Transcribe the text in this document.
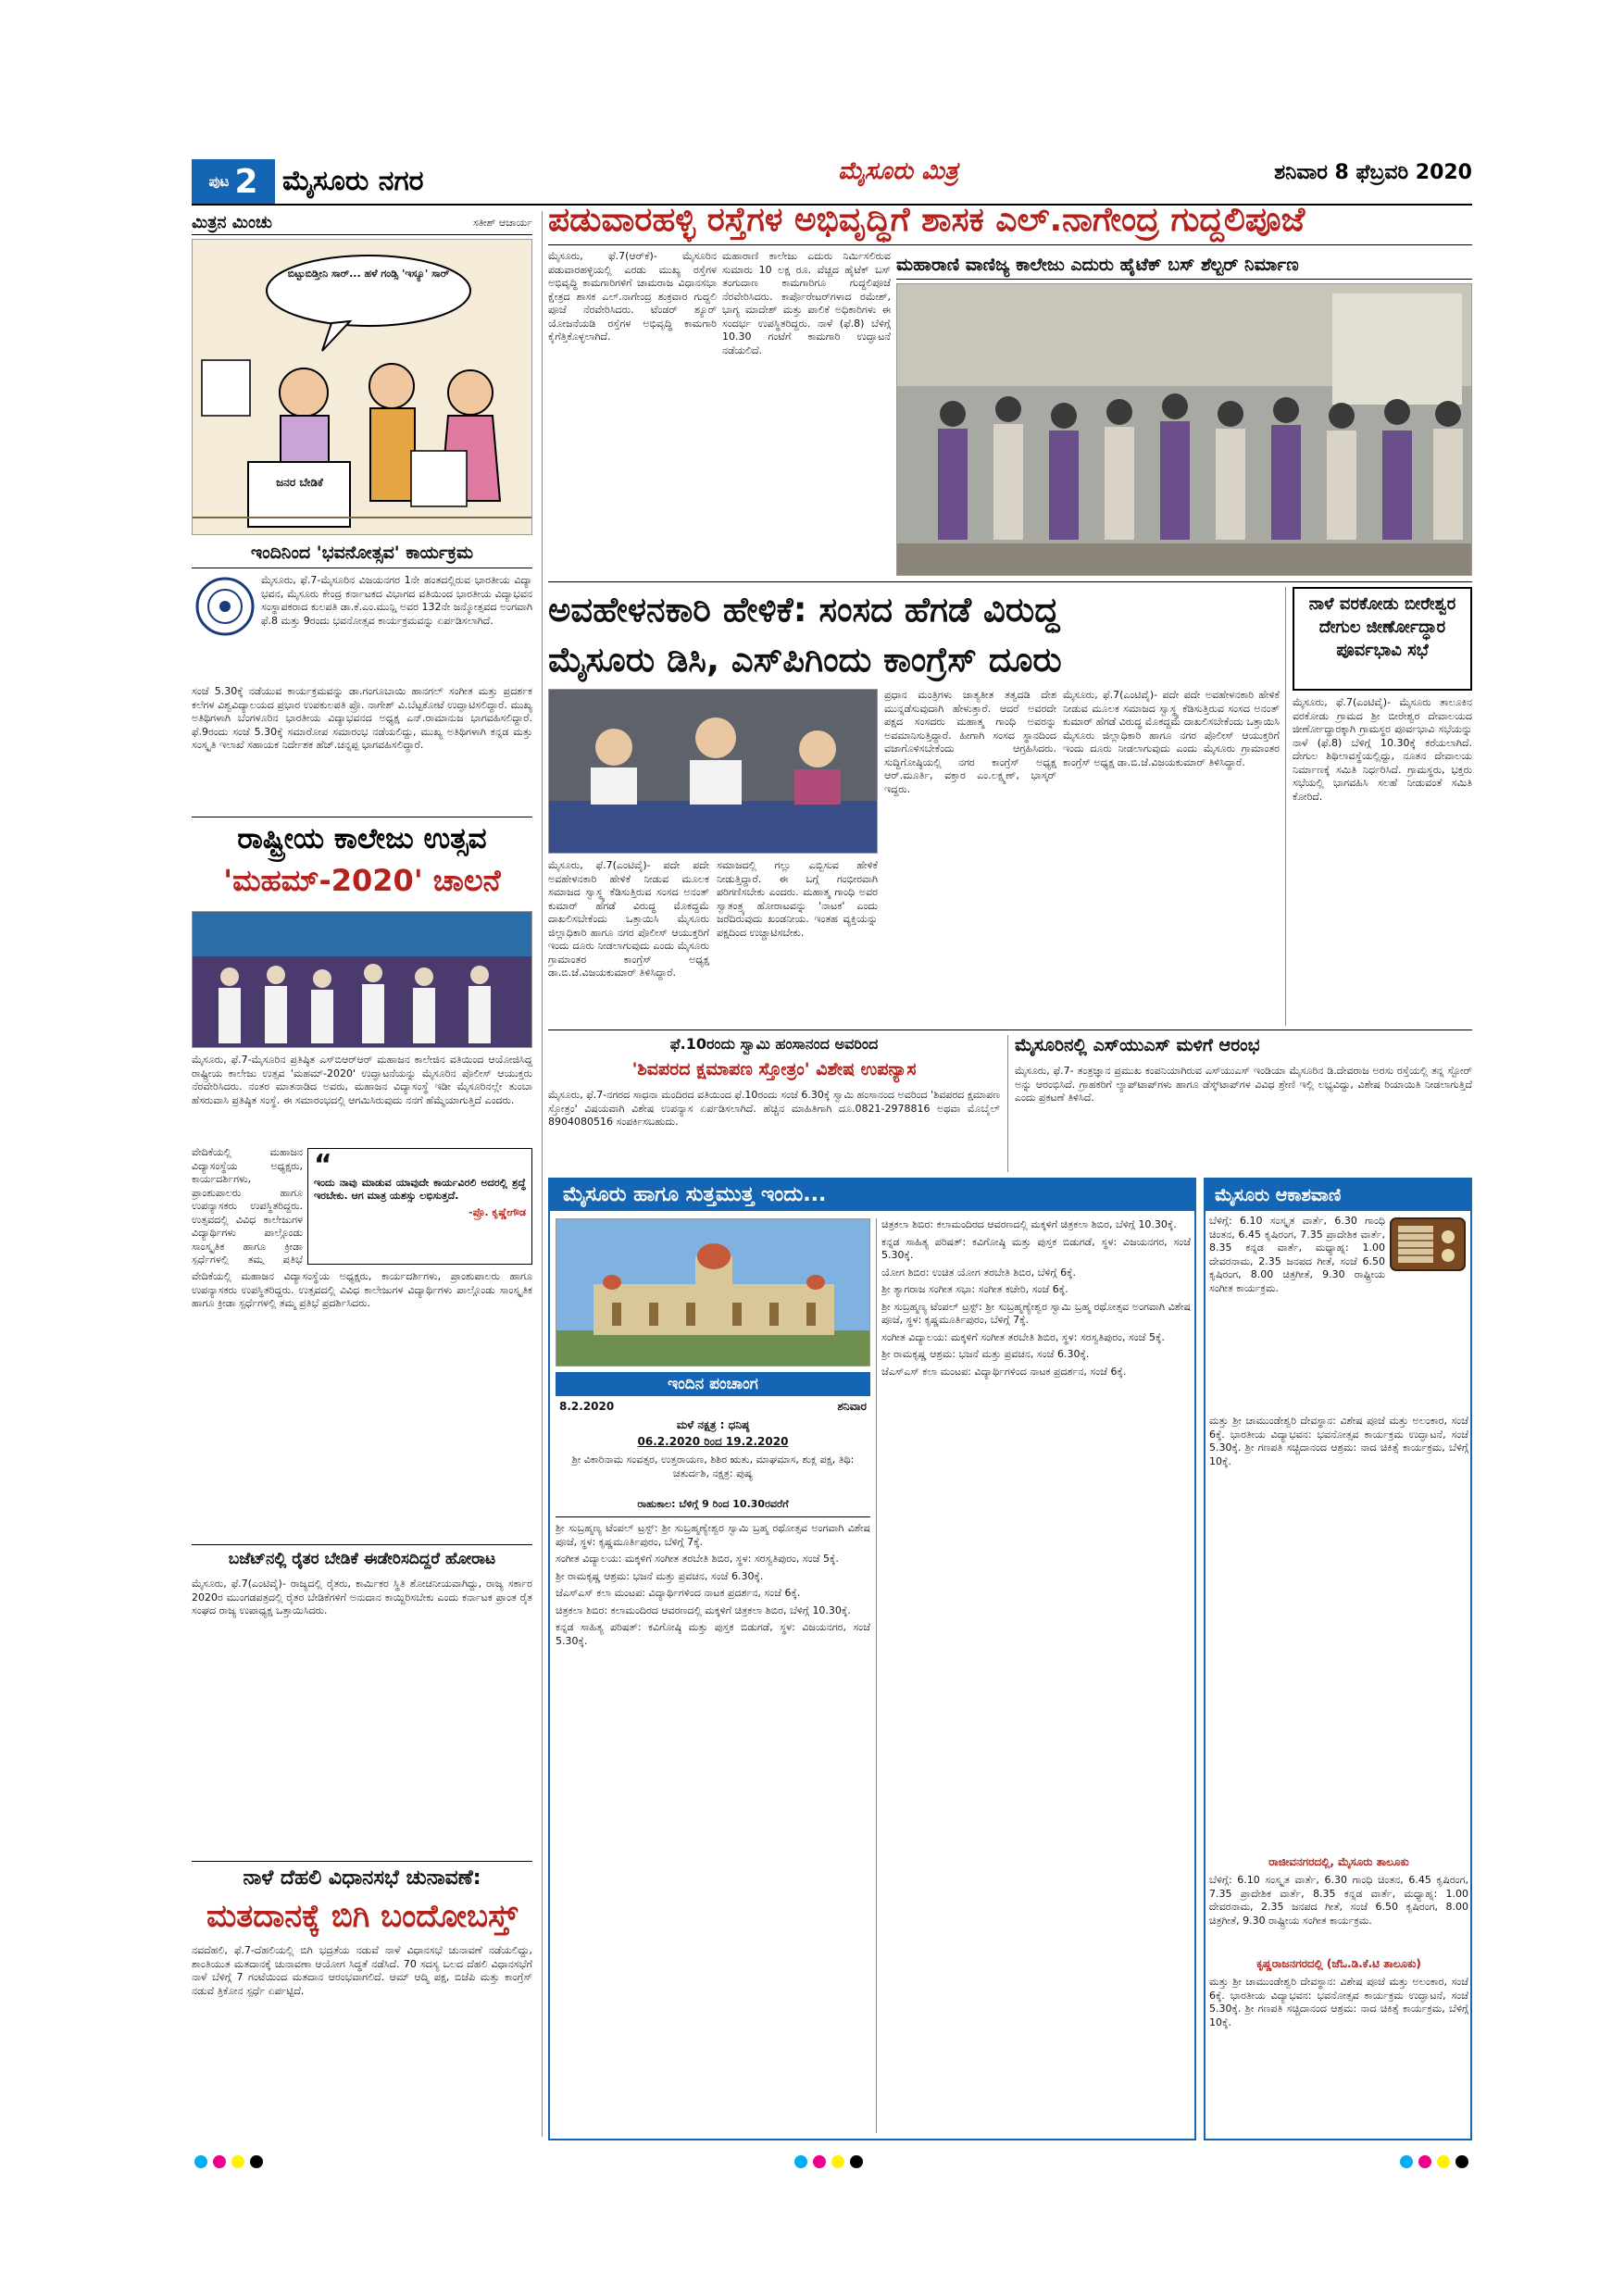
ಪುಟ 2 ಮೈಸೂರು ನಗರ	ಮೈಸೂರು ಮಿತ್ರ	ಶನಿವಾರ 8 ಫೆಬ್ರವರಿ 2020
ಮಿತ್ರನ ಮಿಂಚು	ಸತೀಶ್ ಆಚಾರ್ಯ
ಬಿಟ್ಟುಬಿಡ್ತೀನಿ ಸಾರ್... ಹಳೆ ಗಂಡ್ಸಿ 'ಇಸ್ಯೂ' ಸಾರ್
ಜನರ ಬೇಡಿಕೆ
ಇಂದಿನಿಂದ 'ಭವನೋತ್ಸವ' ಕಾರ್ಯಕ್ರಮ
ಮೈಸೂರು, ಫೆ.7-ಮೈಸೂರಿನ ವಿಜಯನಗರ 1ನೇ ಹಂತದಲ್ಲಿರುವ ಭಾರತೀಯ ವಿದ್ಯಾ ಭವನ, ಮೈಸೂರು ಕೇಂದ್ರ ಕರ್ನಾಟಕದ ವಿಭಾಗದ ವತಿಯಿಂದ ಭಾರತೀಯ ವಿದ್ಯಾಭವನ ಸಂಸ್ಥಾಪಕರಾದ ಕುಲಪತಿ ಡಾ.ಕೆ.ಎಂ.ಮುನ್ಷಿ ಅವರ 132ನೇ ಜನ್ಮೋತ್ಸವದ ಅಂಗವಾಗಿ ಫೆ.8 ಮತ್ತು 9ರಂದು ಭವನೋತ್ಸವ ಕಾರ್ಯಕ್ರಮವನ್ನು ಏರ್ಪಡಿಸಲಾಗಿದೆ.
ಸಂಜೆ 5.30ಕ್ಕೆ ನಡೆಯುವ ಕಾರ್ಯಕ್ರಮವನ್ನು ಡಾ.ಗಂಗೂಬಾಯಿ ಹಾನಗಲ್ ಸಂಗೀತ ಮತ್ತು ಪ್ರದರ್ಶಕ ಕಲೆಗಳ ವಿಶ್ವವಿದ್ಯಾಲಯದ ಪ್ರಭಾರ ಉಪಕುಲಪತಿ ಪ್ರೊ. ನಾಗೇಶ್ ವಿ.ಬೆಟ್ಟಕೋಟೆ ಉದ್ಘಾಟಿಸಲಿದ್ದಾರೆ. ಮುಖ್ಯ ಅತಿಥಿಗಳಾಗಿ ಬೆಂಗಳೂರಿನ ಭಾರತೀಯ ವಿದ್ಯಾಭವನದ ಅಧ್ಯಕ್ಷ ಎನ್.ರಾಮಾನುಜ ಭಾಗವಹಿಸಲಿದ್ದಾರೆ. ಫೆ.9ರಂದು ಸಂಜೆ 5.30ಕ್ಕೆ ಸಮಾರೋಪ ಸಮಾರಂಭ ನಡೆಯಲಿದ್ದು, ಮುಖ್ಯ ಅತಿಥಿಗಳಾಗಿ ಕನ್ನಡ ಮತ್ತು ಸಂಸ್ಕೃತಿ ಇಲಾಖೆ ಸಹಾಯಕ ನಿರ್ದೇಶಕ ಹೆಚ್.ಚನ್ನಪ್ಪ ಭಾಗವಹಿಸಲಿದ್ದಾರೆ.
ರಾಷ್ಟ್ರೀಯ ಕಾಲೇಜು ಉತ್ಸವ
'ಮಹಮ್-2020' ಚಾಲನೆ
ಮೈಸೂರು, ಫೆ.7-ಮೈಸೂರಿನ ಪ್ರತಿಷ್ಠಿತ ಎಸ್‌ಬಿಆರ್‌ಆರ್ ಮಹಾಜನ ಕಾಲೇಜಿನ ವತಿಯಿಂದ ಆಯೋಜಿಸಿದ್ದ ರಾಷ್ಟ್ರೀಯ ಕಾಲೇಜು ಉತ್ಸವ 'ಮಹಮ್-2020' ಉದ್ಘಾಟನೆಯನ್ನು ಮೈಸೂರಿನ ಪೊಲೀಸ್ ಆಯುಕ್ತರು ನೆರವೇರಿಸಿದರು. ನಂತರ ಮಾತನಾಡಿದ ಅವರು, ಮಹಾಜನ ವಿದ್ಯಾಸಂಸ್ಥೆ ಇಡೀ ಮೈಸೂರಿನಲ್ಲೇ ತುಂಬಾ ಹೆಸರುವಾಸಿ ಪ್ರತಿಷ್ಠಿತ ಸಂಸ್ಥೆ. ಈ ಸಮಾರಂಭದಲ್ಲಿ ಆಗಮಿಸಿರುವುದು ನನಗೆ ಹೆಮ್ಮೆಯಾಗುತ್ತಿದೆ ಎಂದರು.
ವೇದಿಕೆಯಲ್ಲಿ ಮಹಾಜನ ವಿದ್ಯಾಸಂಸ್ಥೆಯ ಅಧ್ಯಕ್ಷರು, ಕಾರ್ಯದರ್ಶಿಗಳು, ಪ್ರಾಂಶುಪಾಲರು ಹಾಗೂ ಉಪನ್ಯಾಸಕರು ಉಪಸ್ಥಿತರಿದ್ದರು. ಉತ್ಸವದಲ್ಲಿ ವಿವಿಧ ಕಾಲೇಜುಗಳ ವಿದ್ಯಾರ್ಥಿಗಳು ಪಾಲ್ಗೊಂಡು ಸಾಂಸ್ಕೃತಿಕ ಹಾಗೂ ಕ್ರೀಡಾ ಸ್ಪರ್ಧೆಗಳಲ್ಲಿ ತಮ್ಮ ಪ್ರತಿಭೆ
“
ಇಂದು ನಾವು ಮಾಡುವ ಯಾವುದೇ ಕಾರ್ಯವಿರಲಿ ಅದರಲ್ಲಿ ಶ್ರದ್ಧೆ ಇರಬೇಕು. ಆಗ ಮಾತ್ರ ಯಶಸ್ಸು ಲಭಿಸುತ್ತದೆ.
-ಪ್ರೊ. ಕೃಷ್ಣೇಗೌಡ
ವೇದಿಕೆಯಲ್ಲಿ ಮಹಾಜನ ವಿದ್ಯಾಸಂಸ್ಥೆಯ ಅಧ್ಯಕ್ಷರು, ಕಾರ್ಯದರ್ಶಿಗಳು, ಪ್ರಾಂಶುಪಾಲರು ಹಾಗೂ ಉಪನ್ಯಾಸಕರು ಉಪಸ್ಥಿತರಿದ್ದರು. ಉತ್ಸವದಲ್ಲಿ ವಿವಿಧ ಕಾಲೇಜುಗಳ ವಿದ್ಯಾರ್ಥಿಗಳು ಪಾಲ್ಗೊಂಡು ಸಾಂಸ್ಕೃತಿಕ ಹಾಗೂ ಕ್ರೀಡಾ ಸ್ಪರ್ಧೆಗಳಲ್ಲಿ ತಮ್ಮ ಪ್ರತಿಭೆ ಪ್ರದರ್ಶಿಸಿದರು.
ಬಜೆಟ್‌ನಲ್ಲಿ ರೈತರ ಬೇಡಿಕೆ ಈಡೇರಿಸದಿದ್ದರೆ ಹೋರಾಟ
ಮೈಸೂರು, ಫೆ.7(ಎಂಟಿವೈ)- ರಾಜ್ಯದಲ್ಲಿ ರೈತರು, ಕಾರ್ಮಿಕರ ಸ್ಥಿತಿ ಶೋಚನೀಯವಾಗಿದ್ದು, ರಾಜ್ಯ ಸರ್ಕಾರ 2020ರ ಮುಂಗಡಪತ್ರದಲ್ಲಿ ರೈತರ ಬೇಡಿಕೆಗಳಿಗೆ ಅನುದಾನ ಕಾಯ್ದಿರಿಸಬೇಕು ಎಂದು ಕರ್ನಾಟಕ ಪ್ರಾಂತ ರೈತ ಸಂಘದ ರಾಜ್ಯ ಉಪಾಧ್ಯಕ್ಷ ಒತ್ತಾಯಿಸಿದರು.
ನಾಳೆ ದೆಹಲಿ ವಿಧಾನಸಭೆ ಚುನಾವಣೆ:
ಮತದಾನಕ್ಕೆ ಬಿಗಿ ಬಂದೋಬಸ್ತ್
ನವದೆಹಲಿ, ಫೆ.7-ದೆಹಲಿಯಲ್ಲಿ ಬಿಗಿ ಭದ್ರತೆಯ ನಡುವೆ ನಾಳೆ ವಿಧಾನಸಭೆ ಚುನಾವಣೆ ನಡೆಯಲಿದ್ದು, ಶಾಂತಿಯುತ ಮತದಾನಕ್ಕೆ ಚುನಾವಣಾ ಆಯೋಗ ಸಿದ್ಧತೆ ನಡೆಸಿದೆ. 70 ಸದಸ್ಯ ಬಲದ ದೆಹಲಿ ವಿಧಾನಸಭೆಗೆ ನಾಳೆ ಬೆಳಿಗ್ಗೆ 7 ಗಂಟೆಯಿಂದ ಮತದಾನ ಆರಂಭವಾಗಲಿದೆ. ಆಮ್ ಆದ್ಮಿ ಪಕ್ಷ, ಬಿಜೆಪಿ ಮತ್ತು ಕಾಂಗ್ರೆಸ್ ನಡುವೆ ತ್ರಿಕೋನ ಸ್ಪರ್ಧೆ ಏರ್ಪಟ್ಟಿದೆ.
ಪಡುವಾರಹಳ್ಳಿ ರಸ್ತೆಗಳ ಅಭಿವೃದ್ಧಿಗೆ ಶಾಸಕ ಎಲ್.ನಾಗೇಂದ್ರ ಗುದ್ದಲಿಪೂಜೆ
ಮೈಸೂರು, ಫೆ.7(ಆರ್‌ಕೆ)- ಮೈಸೂರಿನ ಪಡುವಾರಹಳ್ಳಿಯಲ್ಲಿ ಎರಡು ಮುಖ್ಯ ರಸ್ತೆಗಳ ಅಭಿವೃದ್ಧಿ ಕಾಮಗಾರಿಗಳಿಗೆ ಚಾಮರಾಜ ವಿಧಾನಸಭಾ ಕ್ಷೇತ್ರದ ಶಾಸಕ ಎಲ್.ನಾಗೇಂದ್ರ ಶುಕ್ರವಾರ ಗುದ್ದಲಿ ಪೂಜೆ ನೆರವೇರಿಸಿದರು. ಟೆಂಡರ್ ಶ್ಯೂರ್ ಯೋಜನೆಯಡಿ ರಸ್ತೆಗಳ ಅಭಿವೃದ್ಧಿ ಕಾಮಗಾರಿ ಕೈಗೆತ್ತಿಕೊಳ್ಳಲಾಗಿದೆ.
ಮಹಾರಾಣಿ ಕಾಲೇಜು ಎದುರು ನಿರ್ಮಿಸಲಿರುವ ಸುಮಾರು 10 ಲಕ್ಷ ರೂ. ವೆಚ್ಚದ ಹೈಟೆಕ್ ಬಸ್ ತಂಗುದಾಣ ಕಾಮಗಾರಿಗೂ ಗುದ್ದಲಿಪೂಜೆ ನೆರವೇರಿಸಿದರು. ಕಾರ್ಪೊರೇಟರ್‌ಗಳಾದ ರಮೇಶ್, ಭಾಗ್ಯ ಮಾದೇಶ್ ಮತ್ತು ಪಾಲಿಕೆ ಅಧಿಕಾರಿಗಳು ಈ ಸಂದರ್ಭ ಉಪಸ್ಥಿತರಿದ್ದರು. ನಾಳೆ (ಫೆ.8) ಬೆಳಿಗ್ಗೆ 10.30 ಗಂಟೆಗೆ ಕಾಮಗಾರಿ ಉದ್ಘಾಟನೆ ನಡೆಯಲಿದೆ.
ಮಹಾರಾಣಿ ವಾಣಿಜ್ಯ ಕಾಲೇಜು ಎದುರು ಹೈಟೆಕ್ ಬಸ್ ಶೆಲ್ಟರ್ ನಿರ್ಮಾಣ
ಅವಹೇಳನಕಾರಿ ಹೇಳಿಕೆ: ಸಂಸದ ಹೆಗಡೆ ವಿರುದ್ಧ
ಮೈಸೂರು ಡಿಸಿ, ಎಸ್‌ಪಿಗಿಂದು ಕಾಂಗ್ರೆಸ್ ದೂರು
ಮೈಸೂರು, ಫೆ.7(ಎಂಟಿವೈ)- ಪದೇ ಪದೇ ಅವಹೇಳನಕಾರಿ ಹೇಳಿಕೆ ನೀಡುವ ಮೂಲಕ ಸಮಾಜದ ಸ್ವಾಸ್ಥ್ಯ ಕೆಡಿಸುತ್ತಿರುವ ಸಂಸದ ಅನಂತ್ ಕುಮಾರ್ ಹೆಗಡೆ ವಿರುದ್ಧ ಮೊಕದ್ದಮೆ ದಾಖಲಿಸಬೇಕೆಂದು ಒತ್ತಾಯಿಸಿ ಮೈಸೂರು ಜಿಲ್ಲಾಧಿಕಾರಿ ಹಾಗೂ ನಗರ ಪೊಲೀಸ್ ಆಯುಕ್ತರಿಗೆ ಇಂದು ದೂರು ನೀಡಲಾಗುವುದು ಎಂದು ಮೈಸೂರು ಗ್ರಾಮಾಂತರ ಕಾಂಗ್ರೆಸ್ ಅಧ್ಯಕ್ಷ ಡಾ.ಬಿ.ಜೆ.ವಿಜಯಕುಮಾರ್ ತಿಳಿಸಿದ್ದಾರೆ.
ಸಮಾಜದಲ್ಲಿ ಗಲ್ಲು ಎಬ್ಬಿಸುವ ಹೇಳಿಕೆ ನೀಡುತ್ತಿದ್ದಾರೆ. ಈ ಬಗ್ಗೆ ಗಂಭೀರವಾಗಿ ಪರಿಗಣಿಸಬೇಕು ಎಂದರು. ಮಹಾತ್ಮ ಗಾಂಧಿ ಅವರ ಸ್ವಾತಂತ್ರ್ಯ ಹೋರಾಟವನ್ನು 'ನಾಟಕ' ಎಂದು ಜರೆದಿರುವುದು ಖಂಡನೀಯ. ಇಂತಹ ವ್ಯಕ್ತಿಯನ್ನು ಪಕ್ಷದಿಂದ ಉಚ್ಚಾಟಿಸಬೇಕು.
ಪ್ರಧಾನ ಮಂತ್ರಿಗಳು ಜಾತ್ಯತೀತ ತತ್ವದಡಿ ದೇಶ ಮುನ್ನಡೆಸುವುದಾಗಿ ಹೇಳುತ್ತಾರೆ. ಆದರೆ ಅವರದೇ ಪಕ್ಷದ ಸಂಸದರು ಮಹಾತ್ಮ ಗಾಂಧಿ ಅವರನ್ನು ಅವಮಾನಿಸುತ್ತಿದ್ದಾರೆ. ಹೀಗಾಗಿ ಸಂಸದ ಸ್ಥಾನದಿಂದ ವಜಾಗೊಳಿಸಬೇಕೆಂದು ಆಗ್ರಹಿಸಿದರು. ಸುದ್ದಿಗೋಷ್ಠಿಯಲ್ಲಿ ನಗರ ಕಾಂಗ್ರೆಸ್ ಅಧ್ಯಕ್ಷ ಆರ್.ಮೂರ್ತಿ, ವಕ್ತಾರ ಎಂ.ಲಕ್ಷ್ಮಣ್, ಭಾಸ್ಕರ್ ಇದ್ದರು.
ಮೈಸೂರು, ಫೆ.7(ಎಂಟಿವೈ)- ಪದೇ ಪದೇ ಅವಹೇಳನಕಾರಿ ಹೇಳಿಕೆ ನೀಡುವ ಮೂಲಕ ಸಮಾಜದ ಸ್ವಾಸ್ಥ್ಯ ಕೆಡಿಸುತ್ತಿರುವ ಸಂಸದ ಅನಂತ್ ಕುಮಾರ್ ಹೆಗಡೆ ವಿರುದ್ಧ ಮೊಕದ್ದಮೆ ದಾಖಲಿಸಬೇಕೆಂದು ಒತ್ತಾಯಿಸಿ ಮೈಸೂರು ಜಿಲ್ಲಾಧಿಕಾರಿ ಹಾಗೂ ನಗರ ಪೊಲೀಸ್ ಆಯುಕ್ತರಿಗೆ ಇಂದು ದೂರು ನೀಡಲಾಗುವುದು ಎಂದು ಮೈಸೂರು ಗ್ರಾಮಾಂತರ ಕಾಂಗ್ರೆಸ್ ಅಧ್ಯಕ್ಷ ಡಾ.ಬಿ.ಜೆ.ವಿಜಯಕುಮಾರ್ ತಿಳಿಸಿದ್ದಾರೆ.
ನಾಳೆ ವರಕೋಡು ಬೀರೇಶ್ವರ ದೇಗುಲ ಜೀರ್ಣೋದ್ಧಾರ ಪೂರ್ವಭಾವಿ ಸಭೆ
ಮೈಸೂರು, ಫೆ.7(ಎಂಟಿವೈ)- ಮೈಸೂರು ತಾಲೂಕಿನ ವರಕೋಡು ಗ್ರಾಮದ ಶ್ರೀ ಬೀರೇಶ್ವರ ದೇವಾಲಯದ ಜೀರ್ಣೋದ್ಧಾರಕ್ಕಾಗಿ ಗ್ರಾಮಸ್ಥರ ಪೂರ್ವಭಾವಿ ಸಭೆಯನ್ನು ನಾಳೆ (ಫೆ.8) ಬೆಳಿಗ್ಗೆ 10.30ಕ್ಕೆ ಕರೆಯಲಾಗಿದೆ. ದೇಗುಲ ಶಿಥಿಲಾವಸ್ಥೆಯಲ್ಲಿದ್ದು, ನೂತನ ದೇವಾಲಯ ನಿರ್ಮಾಣಕ್ಕೆ ಸಮಿತಿ ನಿರ್ಧರಿಸಿದೆ. ಗ್ರಾಮಸ್ಥರು, ಭಕ್ತರು ಸಭೆಯಲ್ಲಿ ಭಾಗವಹಿಸಿ ಸಲಹೆ ನೀಡುವಂತೆ ಸಮಿತಿ ಕೋರಿದೆ.
ಫೆ.10ರಂದು ಸ್ವಾಮಿ ಹಂಸಾನಂದ ಅವರಿಂದ
'ಶಿವಪರದ ಕ್ಷಮಾಪಣ ಸ್ತೋತ್ರಂ' ವಿಶೇಷ ಉಪನ್ಯಾಸ
ಮೈಸೂರು, ಫೆ.7-ನಗರದ ಸಾಧನಾ ಮಂದಿರದ ವತಿಯಿಂದ ಫೆ.10ರಂದು ಸಂಜೆ 6.30ಕ್ಕೆ ಸ್ವಾಮಿ ಹಂಸಾನಂದ ಅವರಿಂದ 'ಶಿವಪರದ ಕ್ಷಮಾಪಣ ಸ್ತೋತ್ರಂ' ವಿಷಯವಾಗಿ ವಿಶೇಷ ಉಪನ್ಯಾಸ ಏರ್ಪಡಿಸಲಾಗಿದೆ. ಹೆಚ್ಚಿನ ಮಾಹಿತಿಗಾಗಿ ದೂ.0821-2978816 ಅಥವಾ ಮೊಬೈಲ್ 8904080516 ಸಂಪರ್ಕಿಸಬಹುದು.
ಮೈಸೂರಿನಲ್ಲಿ ಎಸ್‌ಯುಎಸ್ ಮಳಿಗೆ ಆರಂಭ
ಮೈಸೂರು, ಫೆ.7- ತಂತ್ರಜ್ಞಾನ ಪ್ರಮುಖ ಕಂಪನಿಯಾಗಿರುವ ಎಸ್‌ಯುಎಸ್ ಇಂಡಿಯಾ ಮೈಸೂರಿನ ಡಿ.ದೇವರಾಜ ಅರಸು ರಸ್ತೆಯಲ್ಲಿ ತನ್ನ ಸ್ಟೋರ್ ಅನ್ನು ಆರಂಭಿಸಿದೆ. ಗ್ರಾಹಕರಿಗೆ ಲ್ಯಾಪ್‌ಟಾಪ್‌ಗಳು ಹಾಗೂ ಡೆಸ್ಕ್‌ಟಾಪ್‌ಗಳ ವಿವಿಧ ಶ್ರೇಣಿ ಇಲ್ಲಿ ಲಭ್ಯವಿದ್ದು, ವಿಶೇಷ ರಿಯಾಯಿತಿ ನೀಡಲಾಗುತ್ತಿದೆ ಎಂದು ಪ್ರಕಟಣೆ ತಿಳಿಸಿದೆ.
ಮೈಸೂರು ಹಾಗೂ ಸುತ್ತಮುತ್ತ ಇಂದು...
ಇಂದಿನ ಪಂಚಾಂಗ
8.2.2020	ಶನಿವಾರ
ಮಳೆ ನಕ್ಷತ್ರ : ಧನಿಷ್ಠ
06.2.2020 ರಿಂದ 19.2.2020
ಶ್ರೀ ವಿಕಾರಿನಾಮ ಸಂವತ್ಸರ, ಉತ್ತರಾಯಣ, ಶಿಶಿರ ಋತು, ಮಾಘಮಾಸ, ಶುಕ್ಲ ಪಕ್ಷ, ತಿಥಿ: ಚತುರ್ದಶಿ, ನಕ್ಷತ್ರ: ಪುಷ್ಯ
ರಾಹುಕಾಲ: ಬೆಳಿಗ್ಗೆ 9 ರಿಂದ 10.30ರವರೆಗೆ

ಶ್ರೀ ಸುಬ್ರಹ್ಮಣ್ಯ ಟೆಂಪಲ್ ಟ್ರಸ್ಟ್: ಶ್ರೀ ಸುಬ್ರಹ್ಮಣ್ಯೇಶ್ವರ ಸ್ವಾಮಿ ಬ್ರಹ್ಮ ರಥೋತ್ಸವ ಅಂಗವಾಗಿ ವಿಶೇಷ ಪೂಜೆ, ಸ್ಥಳ: ಕೃಷ್ಣಮೂರ್ತಿಪುರಂ, ಬೆಳಿಗ್ಗೆ 7ಕ್ಕೆ.

ಸಂಗೀತ ವಿದ್ಯಾಲಯ: ಮಕ್ಕಳಿಗೆ ಸಂಗೀತ ತರಬೇತಿ ಶಿಬಿರ, ಸ್ಥಳ: ಸರಸ್ವತಿಪುರಂ, ಸಂಜೆ 5ಕ್ಕೆ.

ಶ್ರೀ ರಾಮಕೃಷ್ಣ ಆಶ್ರಮ: ಭಜನೆ ಮತ್ತು ಪ್ರವಚನ, ಸಂಜೆ 6.30ಕ್ಕೆ.

ಜೆಎಸ್‌ಎಸ್ ಕಲಾ ಮಂಟಪ: ವಿದ್ಯಾರ್ಥಿಗಳಿಂದ ನಾಟಕ ಪ್ರದರ್ಶನ, ಸಂಜೆ 6ಕ್ಕೆ.

ಚಿತ್ರಕಲಾ ಶಿಬಿರ: ಕಲಾಮಂದಿರದ ಆವರಣದಲ್ಲಿ ಮಕ್ಕಳಿಗೆ ಚಿತ್ರಕಲಾ ಶಿಬಿರ, ಬೆಳಿಗ್ಗೆ 10.30ಕ್ಕೆ.

ಕನ್ನಡ ಸಾಹಿತ್ಯ ಪರಿಷತ್: ಕವಿಗೋಷ್ಠಿ ಮತ್ತು ಪುಸ್ತಕ ಬಿಡುಗಡೆ, ಸ್ಥಳ: ವಿಜಯನಗರ, ಸಂಜೆ 5.30ಕ್ಕೆ.

ಚಿತ್ರಕಲಾ ಶಿಬಿರ: ಕಲಾಮಂದಿರದ ಆವರಣದಲ್ಲಿ ಮಕ್ಕಳಿಗೆ ಚಿತ್ರಕಲಾ ಶಿಬಿರ, ಬೆಳಿಗ್ಗೆ 10.30ಕ್ಕೆ.

ಕನ್ನಡ ಸಾಹಿತ್ಯ ಪರಿಷತ್: ಕವಿಗೋಷ್ಠಿ ಮತ್ತು ಪುಸ್ತಕ ಬಿಡುಗಡೆ, ಸ್ಥಳ: ವಿಜಯನಗರ, ಸಂಜೆ 5.30ಕ್ಕೆ.

ಯೋಗ ಶಿಬಿರ: ಉಚಿತ ಯೋಗ ತರಬೇತಿ ಶಿಬಿರ, ಬೆಳಿಗ್ಗೆ 6ಕ್ಕೆ.

ಶ್ರೀ ತ್ಯಾಗರಾಜ ಸಂಗೀತ ಸಭಾ: ಸಂಗೀತ ಕಚೇರಿ, ಸಂಜೆ 6ಕ್ಕೆ.

ಶ್ರೀ ಸುಬ್ರಹ್ಮಣ್ಯ ಟೆಂಪಲ್ ಟ್ರಸ್ಟ್: ಶ್ರೀ ಸುಬ್ರಹ್ಮಣ್ಯೇಶ್ವರ ಸ್ವಾಮಿ ಬ್ರಹ್ಮ ರಥೋತ್ಸವ ಅಂಗವಾಗಿ ವಿಶೇಷ ಪೂಜೆ, ಸ್ಥಳ: ಕೃಷ್ಣಮೂರ್ತಿಪುರಂ, ಬೆಳಿಗ್ಗೆ 7ಕ್ಕೆ.

ಸಂಗೀತ ವಿದ್ಯಾಲಯ: ಮಕ್ಕಳಿಗೆ ಸಂಗೀತ ತರಬೇತಿ ಶಿಬಿರ, ಸ್ಥಳ: ಸರಸ್ವತಿಪುರಂ, ಸಂಜೆ 5ಕ್ಕೆ.

ಶ್ರೀ ರಾಮಕೃಷ್ಣ ಆಶ್ರಮ: ಭಜನೆ ಮತ್ತು ಪ್ರವಚನ, ಸಂಜೆ 6.30ಕ್ಕೆ.

ಜೆಎಸ್‌ಎಸ್ ಕಲಾ ಮಂಟಪ: ವಿದ್ಯಾರ್ಥಿಗಳಿಂದ ನಾಟಕ ಪ್ರದರ್ಶನ, ಸಂಜೆ 6ಕ್ಕೆ.

ಮೈಸೂರು ಆಕಾಶವಾಣಿ
ಬೆಳಿಗ್ಗೆ: 6.10 ಸಂಸ್ಕೃತ ವಾರ್ತೆ, 6.30 ಗಾಂಧಿ ಚಿಂತನ, 6.45 ಕೃಷಿರಂಗ, 7.35 ಪ್ರಾದೇಶಿಕ ವಾರ್ತೆ, 8.35 ಕನ್ನಡ ವಾರ್ತೆ, ಮಧ್ಯಾಹ್ನ: 1.00 ದೇವರನಾಮ, 2.35 ಜನಪದ ಗೀತೆ, ಸಂಜೆ 6.50 ಕೃಷಿರಂಗ, 8.00 ಚಿತ್ರಗೀತೆ, 9.30 ರಾಷ್ಟ್ರೀಯ ಸಂಗೀತ ಕಾರ್ಯಕ್ರಮ.
ಮತ್ತು ಶ್ರೀ ಚಾಮುಂಡೇಶ್ವರಿ ದೇವಸ್ಥಾನ: ವಿಶೇಷ ಪೂಜೆ ಮತ್ತು ಅಲಂಕಾರ, ಸಂಜೆ 6ಕ್ಕೆ. ಭಾರತೀಯ ವಿದ್ಯಾಭವನ: ಭವನೋತ್ಸವ ಕಾರ್ಯಕ್ರಮ ಉದ್ಘಾಟನೆ, ಸಂಜೆ 5.30ಕ್ಕೆ. ಶ್ರೀ ಗಣಪತಿ ಸಚ್ಚಿದಾನಂದ ಆಶ್ರಮ: ನಾದ ಚಿಕಿತ್ಸೆ ಕಾರ್ಯಕ್ರಮ, ಬೆಳಿಗ್ಗೆ 10ಕ್ಕೆ.
ರಾಜೀವನಗರದಲ್ಲಿ, ಮೈಸೂರು ತಾಲೂಕು
ಬೆಳಿಗ್ಗೆ: 6.10 ಸಂಸ್ಕೃತ ವಾರ್ತೆ, 6.30 ಗಾಂಧಿ ಚಿಂತನ, 6.45 ಕೃಷಿರಂಗ, 7.35 ಪ್ರಾದೇಶಿಕ ವಾರ್ತೆ, 8.35 ಕನ್ನಡ ವಾರ್ತೆ, ಮಧ್ಯಾಹ್ನ: 1.00 ದೇವರನಾಮ, 2.35 ಜನಪದ ಗೀತೆ, ಸಂಜೆ 6.50 ಕೃಷಿರಂಗ, 8.00 ಚಿತ್ರಗೀತೆ, 9.30 ರಾಷ್ಟ್ರೀಯ ಸಂಗೀತ ಕಾರ್ಯಕ್ರಮ.
ಕೃಷ್ಣರಾಜನಗರದಲ್ಲಿ (ಜೆಓ.ಡಿ.ಕೆ.ಟಿ ತಾಲೂಕು)
ಮತ್ತು ಶ್ರೀ ಚಾಮುಂಡೇಶ್ವರಿ ದೇವಸ್ಥಾನ: ವಿಶೇಷ ಪೂಜೆ ಮತ್ತು ಅಲಂಕಾರ, ಸಂಜೆ 6ಕ್ಕೆ. ಭಾರತೀಯ ವಿದ್ಯಾಭವನ: ಭವನೋತ್ಸವ ಕಾರ್ಯಕ್ರಮ ಉದ್ಘಾಟನೆ, ಸಂಜೆ 5.30ಕ್ಕೆ. ಶ್ರೀ ಗಣಪತಿ ಸಚ್ಚಿದಾನಂದ ಆಶ್ರಮ: ನಾದ ಚಿಕಿತ್ಸೆ ಕಾರ್ಯಕ್ರಮ, ಬೆಳಿಗ್ಗೆ 10ಕ್ಕೆ.
